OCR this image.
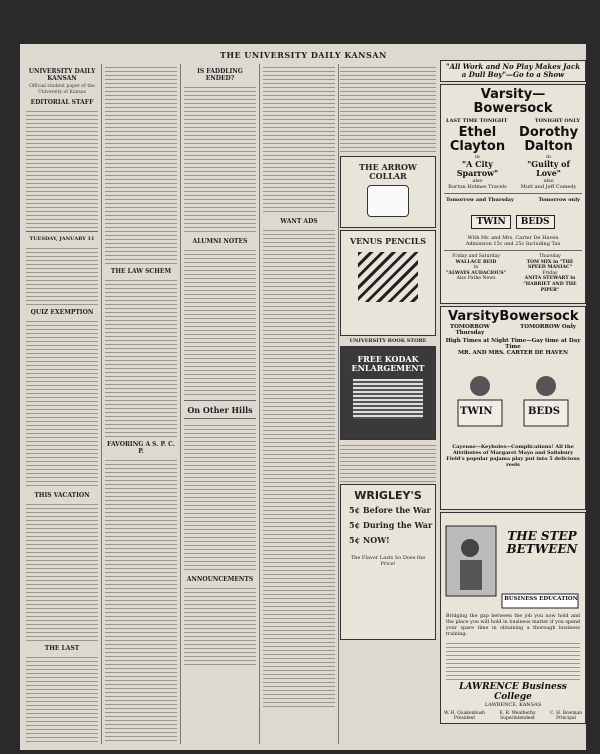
THE UNIVERSITY DAILY KANSAN
UNIVERSITY DAILY KANSAN
Official student paper of the University of Kansas
EDITORIAL STAFF
TUESDAY, JANUARY 11
QUIZ EXEMPTION
THIS VACATION
THE LAST
THE LAW SCHEM
FAVORING A S. P. C. P.
IS FADDLING ENDED?
ALUMNI NOTES
On Other Hills
ANNOUNCEMENTS
WANT ADS
THE ARROW COLLAR
VENUS PENCILS
UNIVERSITY BOOK STORE
FREE KODAK ENLARGEMENT
WRIGLEY'S
5¢ Before the War
5¢ During the War
5¢ NOW!
The Flavor Lasts So Does the Price!
"All Work and No Play Makes Jack a Dull Boy"—Go to a Show
Varsity—Bowersock
LAST TIME TONIGHT	TONIGHT ONLY
Ethel
Clayton
in
"A City Sparrow"
also
Burton Holmes Travels

Dorothy
Dalton
in
"Guilty of Love"
also
Mutt and Jeff Comedy
Tomorrow and Thursday	Tomorrow only
TWIN BEDS
With Mr. and Mrs. Carter De Haven
Admission 15c and 25c Including Tax
Friday and Saturday
WALLACE REID
in
"ALWAYS AUDACIOUS"
Also Pathe News
Thursday
TOM MIX in "THE SPEED MANIAC"
Friday
ANITA STEWART in
"HARRIET AND THE PIPER"
Varsity Bowersock
TOMORROW
Thursday
TOMORROW Only
High Times at Night Time—Gay time at Day Time
MR. AND MRS. CARTER DE HAVEN
TWIN	BEDS
Cayenne—Keyholes—Complications! All the Attributes of Margaret Mayo and Salisbury Field's popular pajama play put into 5 delicious reels
THE STEP BETWEEN
BUSINESS EDUCATION
Bridging the gap between the job you now hold and the place you will hold in business matter if you spend your spare time in obtaining a thorough business training.
LAWRENCE Business College
LAWRENCE, KANSAS
W. H. Quakenbush
President
E. R. Weatherby
Superintendent
C. H. Bowman
Principal
